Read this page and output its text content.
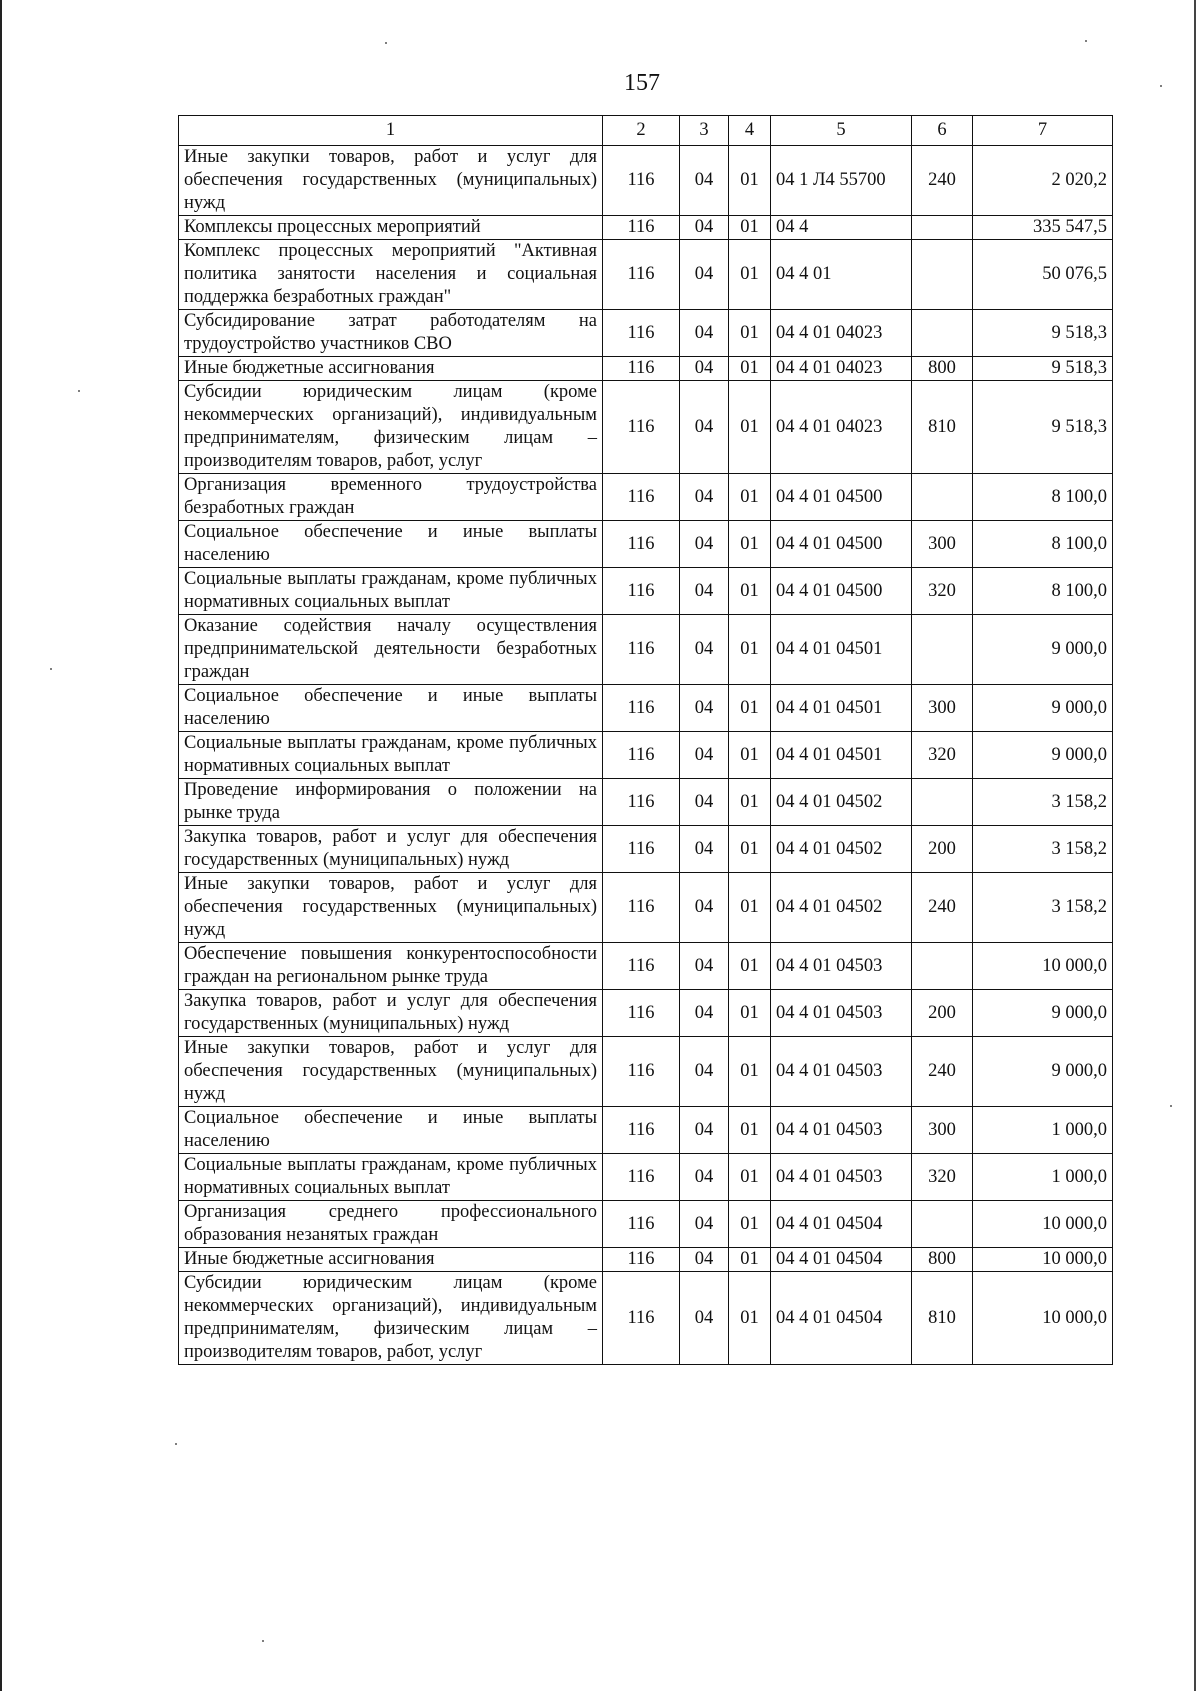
157
1	2	3	4	5	6	7
Иные закупки товаров, работ и услуг для обеспечения государственных (муниципальных) нужд	116	04	01	04 1 Л4 55700	240	2 020,2
Комплексы процессных мероприятий	116	04	01	04 4		335 547,5
Комплекс процессных мероприятий "Активная политика занятости населения и социальная поддержка безработных граждан"	116	04	01	04 4 01		50 076,5
Субсидирование затрат работодателям на трудоустройство участников СВО	116	04	01	04 4 01 04023		9 518,3
Иные бюджетные ассигнования	116	04	01	04 4 01 04023	800	9 518,3
Субсидии юридическим лицам (кроме некоммерческих организаций), индивидуальным предпринимателям, физическим лицам – производителям товаров, работ, услуг	116	04	01	04 4 01 04023	810	9 518,3
Организация временного трудоустройства безработных граждан	116	04	01	04 4 01 04500		8 100,0
Социальное обеспечение и иные выплаты населению	116	04	01	04 4 01 04500	300	8 100,0
Социальные выплаты гражданам, кроме публичных нормативных социальных выплат	116	04	01	04 4 01 04500	320	8 100,0
Оказание содействия началу осуществления предпринимательской деятельности безработных граждан	116	04	01	04 4 01 04501		9 000,0
Социальное обеспечение и иные выплаты населению	116	04	01	04 4 01 04501	300	9 000,0
Социальные выплаты гражданам, кроме публичных нормативных социальных выплат	116	04	01	04 4 01 04501	320	9 000,0
Проведение информирования о положении на рынке труда	116	04	01	04 4 01 04502		3 158,2
Закупка товаров, работ и услуг для обеспечения государственных (муниципальных) нужд	116	04	01	04 4 01 04502	200	3 158,2
Иные закупки товаров, работ и услуг для обеспечения государственных (муниципальных) нужд	116	04	01	04 4 01 04502	240	3 158,2
Обеспечение повышения конкурентоспособности граждан на региональном рынке труда	116	04	01	04 4 01 04503		10 000,0
Закупка товаров, работ и услуг для обеспечения государственных (муниципальных) нужд	116	04	01	04 4 01 04503	200	9 000,0
Иные закупки товаров, работ и услуг для обеспечения государственных (муниципальных) нужд	116	04	01	04 4 01 04503	240	9 000,0
Социальное обеспечение и иные выплаты населению	116	04	01	04 4 01 04503	300	1 000,0
Социальные выплаты гражданам, кроме публичных нормативных социальных выплат	116	04	01	04 4 01 04503	320	1 000,0
Организация среднего профессионального образования незанятых граждан	116	04	01	04 4 01 04504		10 000,0
Иные бюджетные ассигнования	116	04	01	04 4 01 04504	800	10 000,0
Субсидии юридическим лицам (кроме некоммерческих организаций), индивидуальным предпринимателям, физическим лицам – производителям товаров, работ, услуг	116	04	01	04 4 01 04504	810	10 000,0
